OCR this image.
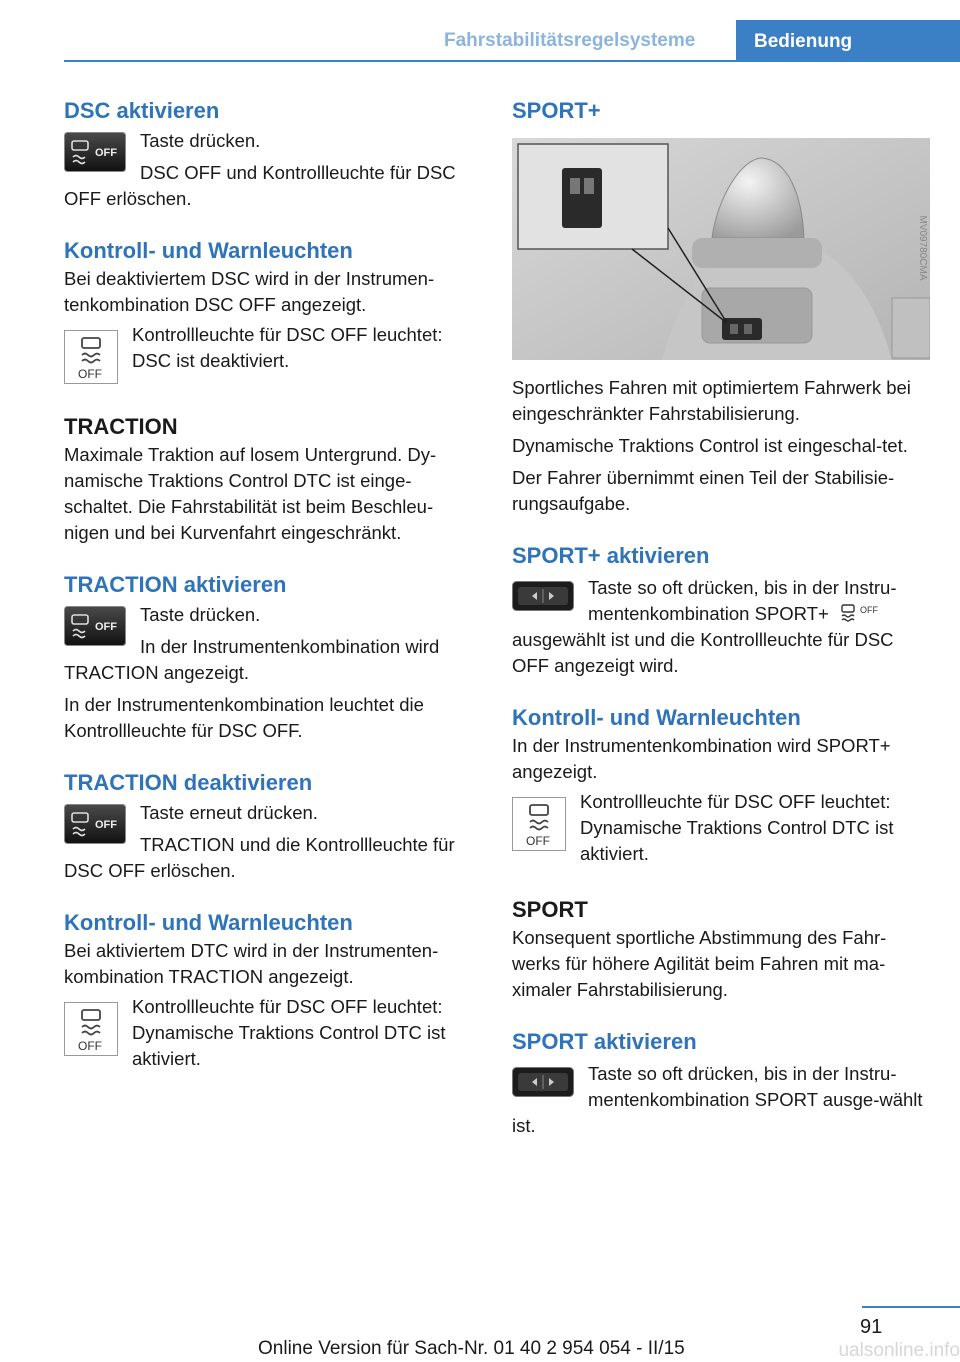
Fahrstabilitätsregelsysteme	Bedienung
DSC aktivieren
OFF

Taste drücken.

DSC OFF und Kontrollleuchte für DSC OFF erlöschen.

Kontroll- und Warnleuchten

Bei deaktiviertem DSC wird in der Instrumen-tenkombination DSC OFF angezeigt.

OFF

Kontrollleuchte für DSC OFF leuchtet: DSC ist deaktiviert.

TRACTION

Maximale Traktion auf losem Untergrund. Dy-namische Traktions Control DTC ist einge-schaltet. Die Fahrstabilität ist beim Beschleu-nigen und bei Kurvenfahrt eingeschränkt.

TRACTION aktivieren
OFF

Taste drücken.

In der Instrumentenkombination wird TRACTION angezeigt.

In der Instrumentenkombination leuchtet die Kontrollleuchte für DSC OFF.

TRACTION deaktivieren
OFF

Taste erneut drücken.

TRACTION und die Kontrollleuchte für DSC OFF erlöschen.

Kontroll- und Warnleuchten

Bei aktiviertem DTC wird in der Instrumenten-kombination TRACTION angezeigt.

OFF

Kontrollleuchte für DSC OFF leuchtet: Dynamische Traktions Control DTC ist aktiviert.

SPORT+
MV09780CMA

Sportliches Fahren mit optimiertem Fahrwerk bei eingeschränkter Fahrstabilisierung.

Dynamische Traktions Control ist eingeschal-tet.

Der Fahrer übernimmt einen Teil der Stabilisie-rungsaufgabe.

SPORT+ aktivieren

Taste so oft drücken, bis in der Instru-mentenkombination SPORT+	OFF

ausgewählt ist und die Kontrollleuchte für DSC OFF angezeigt wird.

Kontroll- und Warnleuchten

In der Instrumentenkombination wird SPORT+ angezeigt.

OFF

Kontrollleuchte für DSC OFF leuchtet: Dynamische Traktions Control DTC ist aktiviert.

SPORT

Konsequent sportliche Abstimmung des Fahr-werks für höhere Agilität beim Fahren mit ma-ximaler Fahrstabilisierung.

SPORT aktivieren

Taste so oft drücken, bis in der Instru-mentenkombination SPORT ausge-wählt ist.

91
Online Version für Sach-Nr. 01 40 2 954 054 - II/15	ualsonline.info
